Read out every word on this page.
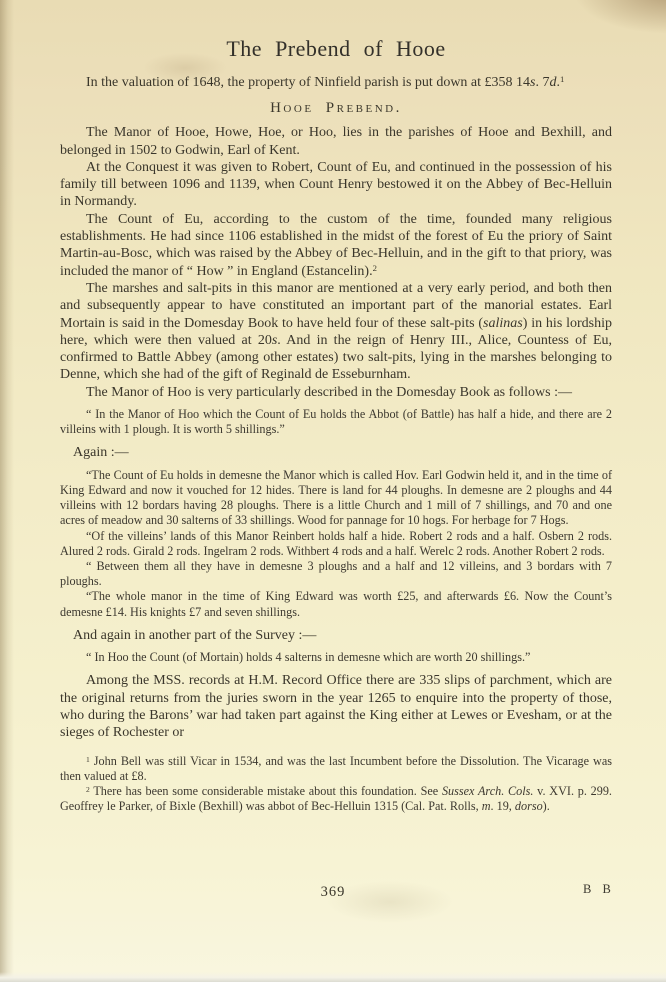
The Prebend of Hooe
In the valuation of 1648, the property of Ninfield parish is put down at £358 14s. 7d.$^1$
Hooe Prebend.
The Manor of Hooe, Howe, Hoe, or Hoo, lies in the parishes of Hooe and Bexhill, and belonged in 1502 to Godwin, Earl of Kent.
At the Conquest it was given to Robert, Count of Eu, and continued in the possession of his family till between 1096 and 1139, when Count Henry bestowed it on the Abbey of Bec-Helluin in Normandy.
The Count of Eu, according to the custom of the time, founded many religious establishments. He had since 1106 established in the midst of the forest of Eu the priory of Saint Martin-au-Bosc, which was raised by the Abbey of Bec-Helluin, and in the gift to that priory, was included the manor of “ How ” in England (Estancelin).$^2$
The marshes and salt-pits in this manor are mentioned at a very early period, and both then and subsequently appear to have constituted an important part of the manorial estates. Earl Mortain is said in the Domesday Book to have held four of these salt-pits (salinas) in his lordship here, which were then valued at 20s. And in the reign of Henry III., Alice, Countess of Eu, confirmed to Battle Abbey (among other estates) two salt-pits, lying in the marshes belonging to Denne, which she had of the gift of Reginald de Esseburnham.
The Manor of Hoo is very particularly described in the Domesday Book as follows :—
“ In the Manor of Hoo which the Count of Eu holds the Abbot (of Battle) has half a hide, and there are 2 villeins with 1 plough. It is worth 5 shillings.”
Again :—
“The Count of Eu holds in demesne the Manor which is called Hov. Earl Godwin held it, and in the time of King Edward and now it vouched for 12 hides. There is land for 44 ploughs. In demesne are 2 ploughs and 44 villeins with 12 bordars having 28 ploughs. There is a little Church and 1 mill of 7 shillings, and 70 and one acres of meadow and 30 salterns of 33 shillings. Wood for pannage for 10 hogs. For herbage for 7 Hogs.
“Of the villeins’ lands of this Manor Reinbert holds half a hide. Robert 2 rods and a half. Osbern 2 rods. Alured 2 rods. Girald 2 rods. Ingelram 2 rods. Withbert 4 rods and a half. Werelc 2 rods. Another Robert 2 rods.
“ Between them all they have in demesne 3 ploughs and a half and 12 villeins, and 3 bordars with 7 ploughs.
“The whole manor in the time of King Edward was worth £25, and afterwards £6. Now the Count’s demesne £14. His knights £7 and seven shillings.
And again in another part of the Survey :—
“ In Hoo the Count (of Mortain) holds 4 salterns in demesne which are worth 20 shillings.”
Among the MSS. records at H.M. Record Office there are 335 slips of parchment, which are the original returns from the juries sworn in the year 1265 to enquire into the property of those, who during the Barons’ war had taken part against the King either at Lewes or Evesham, or at the sieges of Rochester or
$^1$ John Bell was still Vicar in 1534, and was the last Incumbent before the Dissolution. The Vicarage was then valued at £8.
$^2$ There has been some considerable mistake about this foundation. See Sussex Arch. Cols. v. XVI. p. 299. Geoffrey le Parker, of Bixle (Bexhill) was abbot of Bec-Helluin 1315 (Cal. Pat. Rolls, m. 19, dorso).
369	B B
